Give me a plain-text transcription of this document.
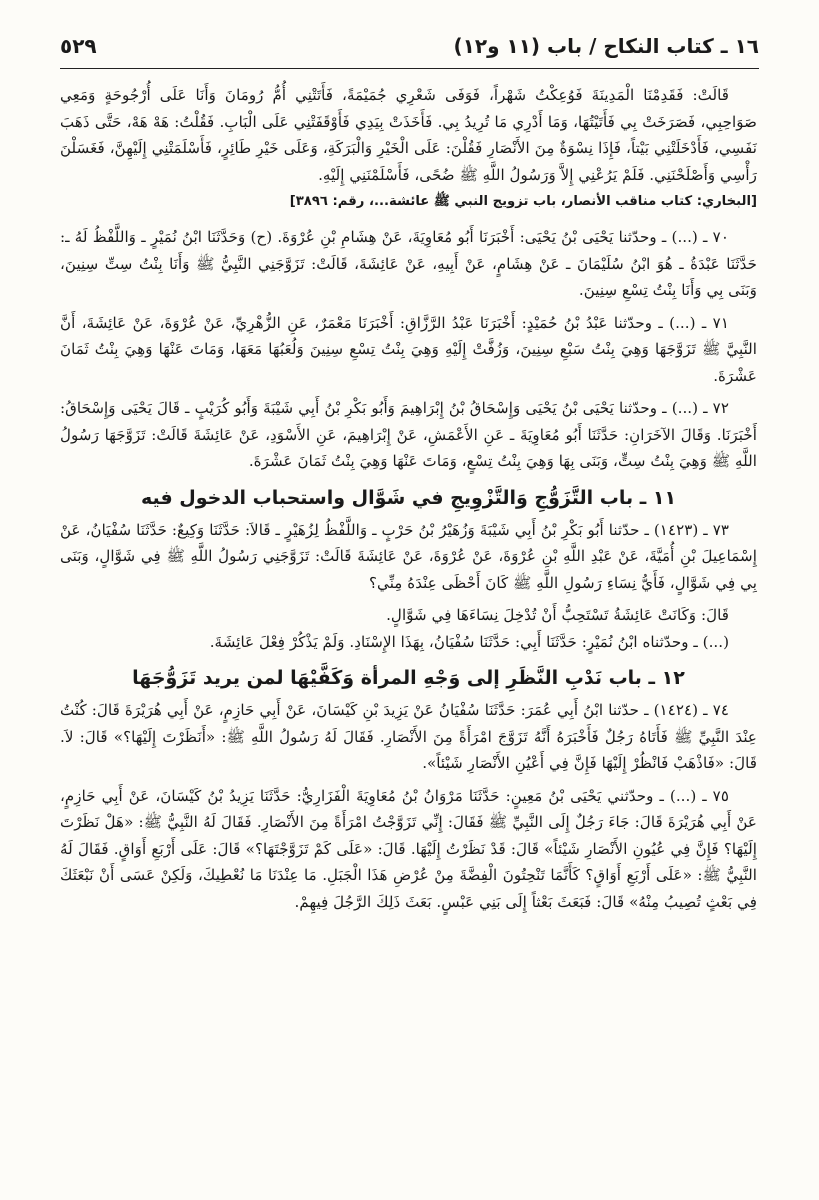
١٦ ـ كتاب النكاح / باب (١١ و١٢)
٥٢٩

قَالَتْ: فَقَدِمْنَا الْمَدِينَةَ فَوُعِكْتُ شَهْراً، فَوَفَى شَعْرِي جُمَيْمَةً، فَأَتَتْنِي أُمُّ رُومَانَ وَأَنَا عَلَى أُرْجُوحَةٍ وَمَعِي صَوَاحِبِي، فَصَرَخَتْ بِي فَأَتَيْتُهَا، وَمَا أَدْرِي مَا تُرِيدُ بِي. فَأَخَذَتْ بِيَدِي فَأَوْقَفَتْنِي عَلَى الْبَابِ. فَقُلْتُ: هَهْ هَهْ، حَتَّى ذَهَبَ نَفَسِي، فَأَدْخَلَتْنِي بَيْتاً، فَإِذَا نِسْوَةٌ مِنَ الأَنْصَارِ فَقُلْنَ: عَلَى الْخَيْرِ وَالْبَرَكَةِ، وَعَلَى خَيْرِ طَائِرٍ، فَأَسْلَمَتْنِي إِلَيْهِنَّ، فَغَسَلْنَ رَأْسِي وَأَصْلَحْنَنِي. فَلَمْ يَرُعْنِي إِلاَّ وَرَسُولُ اللَّهِ ﷺ ضُحًى، فَأَسْلَمْنَنِي إِلَيْهِ.

[البخاري: كتاب مناقب الأنصار، باب تزويج النبي ﷺ عائشة...، رقم: ٣٨٩٦]

٧٠ ـ (...) ـ وحدّثنا يَحْيَى بْنُ يَحْيَى: أَخْبَرَنَا أَبُو مُعَاوِيَةَ، عَنْ هِشَامِ بْنِ عُرْوَةَ. (ح) وَحَدَّثَنَا ابْنُ نُمَيْرٍ ـ وَاللَّفْظُ لَهُ ـ: حَدَّثَنَا عَبْدَةُ ـ هُوَ ابْنُ سُلَيْمَانَ ـ عَنْ هِشَامٍ، عَنْ أَبِيهِ، عَنْ عَائِشَةَ، قَالَتْ: تَزَوَّجَنِي النَّبِيُّ ﷺ وَأَنَا بِنْتُ سِتِّ سِنِينَ، وَبَنَى بِي وَأَنَا بِنْتُ تِسْعِ سِنِينَ.

٧١ ـ (...) ـ وحدّثنا عَبْدُ بْنُ حُمَيْدٍ: أَخْبَرَنَا عَبْدُ الرَّزَّاقِ: أَخْبَرَنَا مَعْمَرٌ، عَنِ الزُّهْرِيِّ، عَنْ عُرْوَةَ، عَنْ عَائِشَةَ، أَنَّ النَّبِيَّ ﷺ تَزَوَّجَهَا وَهِيَ بِنْتُ سَبْعِ سِنِينَ، وَزُفَّتْ إِلَيْهِ وَهِيَ بِنْتُ تِسْعِ سِنِينَ وَلُعَبُهَا مَعَهَا، وَمَاتَ عَنْهَا وَهِيَ بِنْتُ ثَمَانَ عَشْرَةَ.

٧٢ ـ (...) ـ وحدّثنا يَحْيَى بْنُ يَحْيَى وَإِسْحَاقُ بْنُ إِبْرَاهِيمَ وَأَبُو بَكْرِ بْنُ أَبِي شَيْبَةَ وَأَبُو كُرَيْبٍ ـ قَالَ يَحْيَى وَإِسْحَاقُ: أَخْبَرَنَا. وَقَالَ الآخَرَانِ: حَدَّثَنَا أَبُو مُعَاوِيَةَ ـ عَنِ الأَعْمَشِ، عَنْ إِبْرَاهِيمَ، عَنِ الأَسْوَدِ، عَنْ عَائِشَةَ قَالَتْ: تَزَوَّجَهَا رَسُولُ اللَّهِ ﷺ وَهِيَ بِنْتُ سِتٍّ، وَبَنَى بِهَا وَهِيَ بِنْتُ تِسْعٍ، وَمَاتَ عَنْهَا وَهِيَ بِنْتُ ثَمَانَ عَشْرَةَ.

١١ ـ باب التَّزَوُّجِ وَالتَّزْوِيجِ في شَوَّال واستحباب الدخول فيه

٧٣ ـ (١٤٢٣) ـ حدّثنا أَبُو بَكْرِ بْنُ أَبِي شَيْبَةَ وَزُهَيْرُ بْنُ حَرْبٍ ـ وَاللَّفْظُ لِزُهَيْرٍ ـ قَالاَ: حَدَّثَنَا وَكِيعٌ: حَدَّثَنَا سُفْيَانُ، عَنْ إِسْمَاعِيلَ بْنِ أُمَيَّةَ، عَنْ عَبْدِ اللَّهِ بْنِ عُرْوَةَ، عَنْ عُرْوَةَ، عَنْ عَائِشَةَ قَالَتْ: تَزَوَّجَنِي رَسُولُ اللَّهِ ﷺ فِي شَوَّالٍ، وَبَنَى بِي فِي شَوَّالٍ، فَأَيُّ نِسَاءِ رَسُولِ اللَّهِ ﷺ كَانَ أَحْظَى عِنْدَهُ مِنِّي؟

قَالَ: وَكَانَتْ عَائِشَةُ تَسْتَحِبُّ أَنْ تُدْخِلَ نِسَاءَهَا فِي شَوَّالٍ.

(...) ـ وحدّثناه ابْنُ نُمَيْرٍ: حَدَّثَنَا أَبِي: حَدَّثَنَا سُفْيَانُ، بِهَذَا الإِسْنَادِ. وَلَمْ يَذْكُرْ فِعْلَ عَائِشَةَ.

١٢ ـ باب نَدْبِ النَّظَرِ إلى وَجْهِ المرأة وَكَفَّيْهَا لمن يريد تَزَوُّجَهَا

٧٤ ـ (١٤٢٤) ـ حدّثنا ابْنُ أَبِي عُمَرَ: حَدَّثَنَا سُفْيَانُ عَنْ يَزِيدَ بْنِ كَيْسَانَ، عَنْ أَبِي حَازِمٍ، عَنْ أَبِي هُرَيْرَةَ قَالَ: كُنْتُ عِنْدَ النَّبِيِّ ﷺ فَأَتَاهُ رَجُلٌ فَأَخْبَرَهُ أَنَّهُ تَزَوَّجَ امْرَأَةً مِنَ الأَنْصَارِ. فَقَالَ لَهُ رَسُولُ اللَّهِ ﷺ: «أَنَظَرْتَ إِلَيْهَا؟» قَالَ: لاَ. قَالَ: «فَاذْهَبْ فَانْظُرْ إِلَيْهَا فَإِنَّ فِي أَعْيُنِ الأَنْصَارِ شَيْئاً».

٧٥ ـ (...) ـ وحدّثني يَحْيَى بْنُ مَعِينٍ: حَدَّثَنَا مَرْوَانُ بْنُ مُعَاوِيَةَ الْفَزَارِيُّ: حَدَّثَنَا يَزِيدُ بْنُ كَيْسَانَ، عَنْ أَبِي حَازِمٍ، عَنْ أَبِي هُرَيْرَةَ قَالَ: جَاءَ رَجُلٌ إِلَى النَّبِيِّ ﷺ فَقَالَ: إِنِّي تَزَوَّجْتُ امْرَأَةً مِنَ الأَنْصَارِ. فَقَالَ لَهُ النَّبِيُّ ﷺ: «هَلْ نَظَرْتَ إِلَيْهَا؟ فَإِنَّ فِي عُيُونِ الأَنْصَارِ شَيْئاً» قَالَ: قَدْ نَظَرْتُ إِلَيْهَا. قَالَ: «عَلَى كَمْ تَزَوَّجْتَهَا؟» قَالَ: عَلَى أَرْبَعِ أَوَاقٍ. فَقَالَ لَهُ النَّبِيُّ ﷺ: «عَلَى أَرْبَعِ أَوَاقٍ؟ كَأَنَّمَا تَنْحِتُونَ الْفِضَّةَ مِنْ عُرْضِ هَذَا الْجَبَلِ. مَا عِنْدَنَا مَا نُعْطِيكَ، وَلَكِنْ عَسَى أَنْ نَبْعَثَكَ فِي بَعْثٍ تُصِيبُ مِنْهُ» قَالَ: فَبَعَثَ بَعْثاً إِلَى بَنِي عَبْسٍ. بَعَثَ ذَلِكَ الرَّجُلَ فِيهِمْ.
